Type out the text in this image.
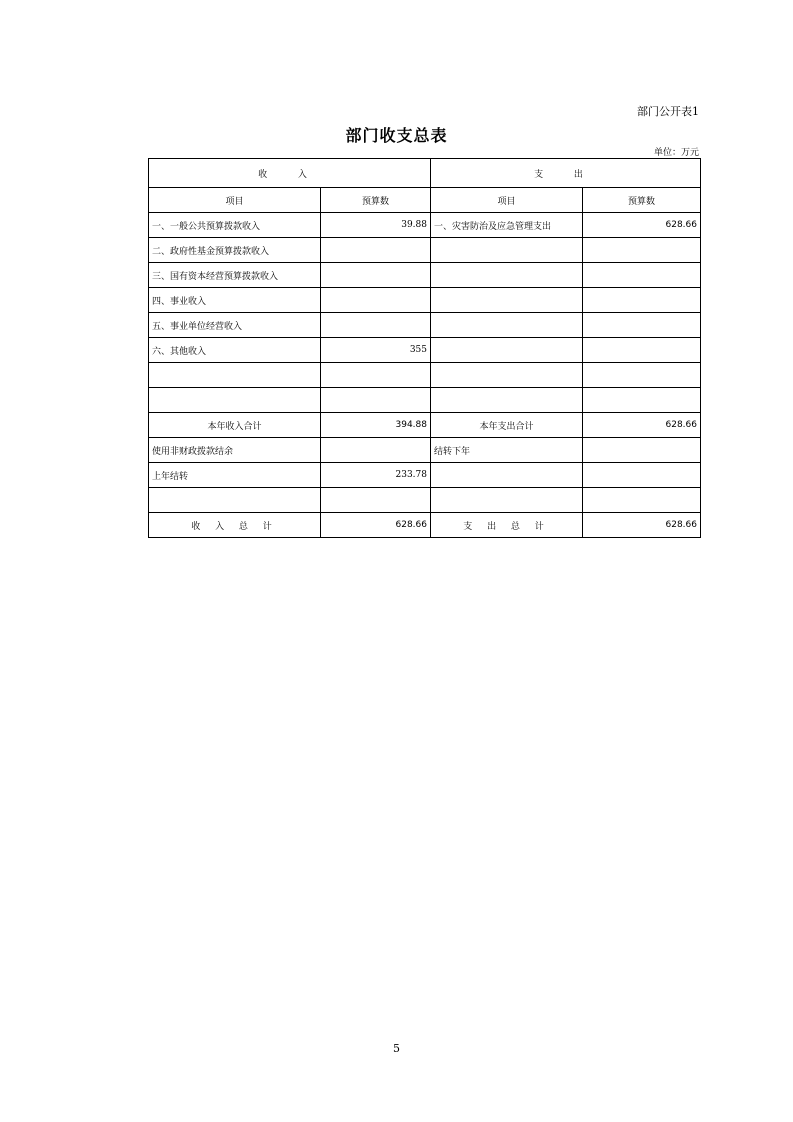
部门公开表1
部门收支总表
单位：万元
收 入		支 出	
项目	预算数	项目	预算数
一、一般公共预算拨款收入	39.88	一、灾害防治及应急管理支出	628.66
二、政府性基金预算拨款收入			
三、国有资本经营预算拨款收入			
四、事业收入			
五、事业单位经营收入			
六、其他收入	355		

本年收入合计	394.88	本年支出合计	628.66
使用非财政拨款结余		结转下年	
上年结转	233.78		

收 入 总 计	628.66	支 出 总 计	628.66
5
